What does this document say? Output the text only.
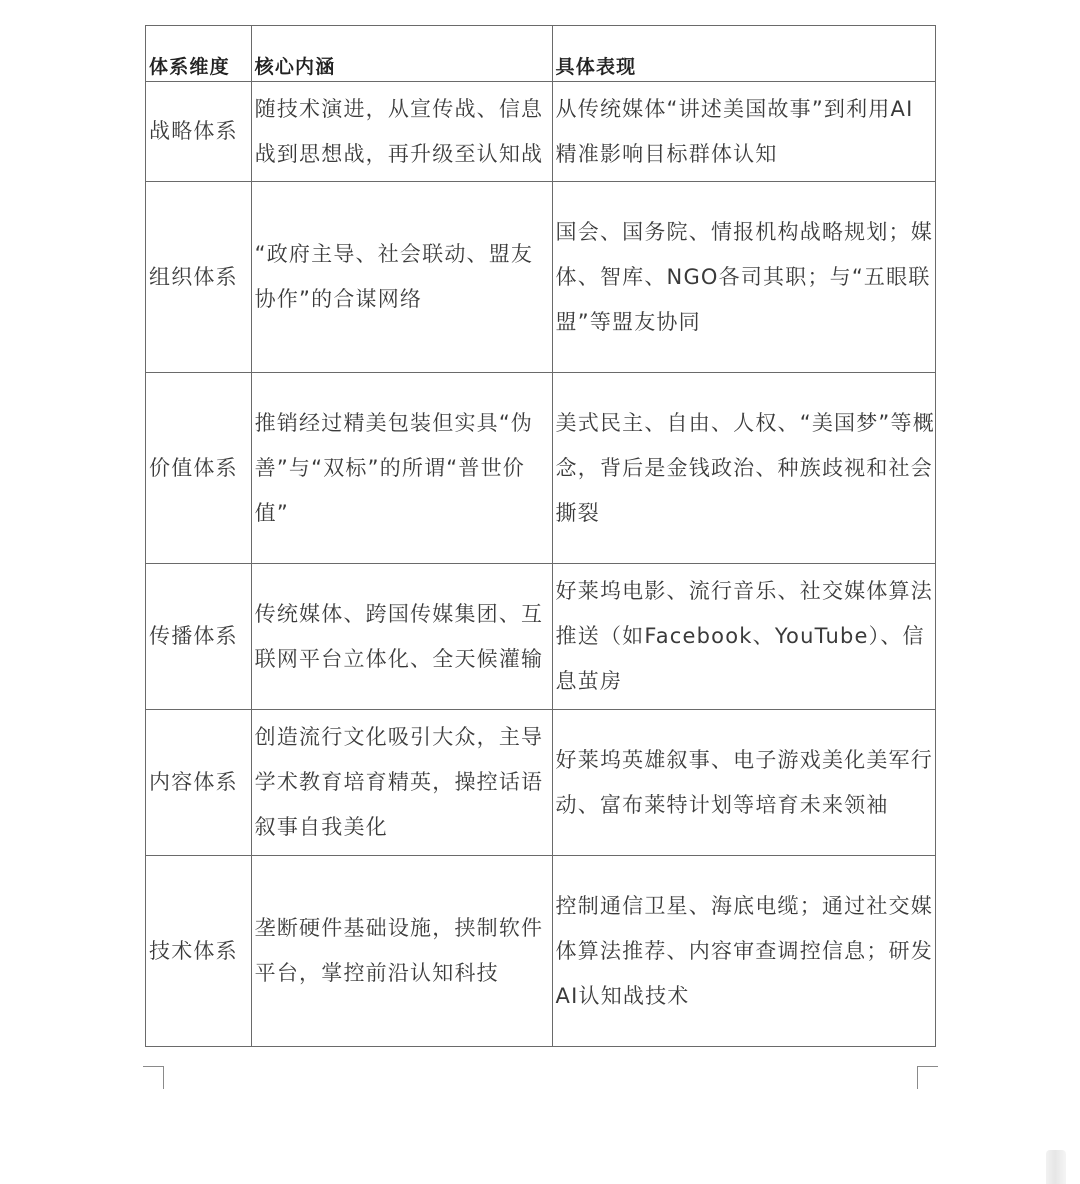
体系维度	核心内涵	具体表现
战略体系	随技术演进，从宣传战、信息战到思想战，再升级至认知战	从传统媒体“讲述美国故事”到利用AI精准影响目标群体认知
组织体系	“政府主导、社会联动、盟友协作”的合谋网络	国会、国务院、情报机构战略规划；媒体、智库、NGO各司其职；与“五眼联盟”等盟友协同
价值体系	推销经过精美包装但实具“伪善”与“双标”的所谓“普世价值”	美式民主、自由、人权、“美国梦”等概念，背后是金钱政治、种族歧视和社会撕裂
传播体系	传统媒体、跨国传媒集团、互联网平台立体化、全天候灌输	好莱坞电影、流行音乐、社交媒体算法推送（如Facebook、YouTube）、信息茧房
内容体系	创造流行文化吸引大众，主导学术教育培育精英，操控话语叙事自我美化	好莱坞英雄叙事、电子游戏美化美军行动、富布莱特计划等培育未来领袖
技术体系	垄断硬件基础设施，挟制软件平台，掌控前沿认知科技	控制通信卫星、海底电缆；通过社交媒体算法推荐、内容审查调控信息；研发AI认知战技术
